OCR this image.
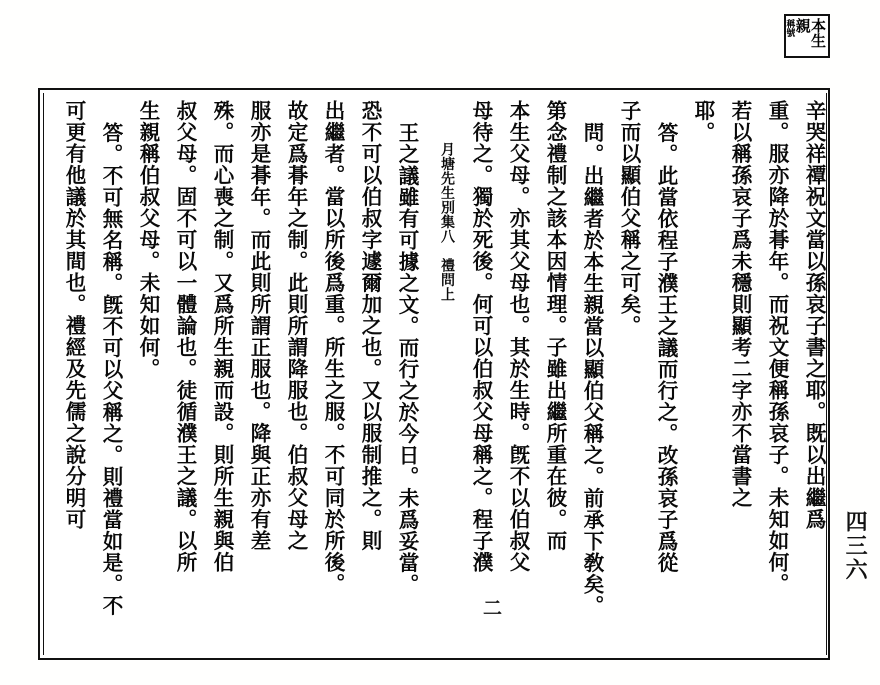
本生親
稱號
辛哭祥禫祝文當以孫哀子書之耶。既以出繼爲
重。服亦降於朞年。而祝文便稱孫哀子。未知如何。
若以稱孫哀子爲未穩則顯考二字亦不當書之
耶。
答。此當依程子濮王之議而行之。改孫哀子爲從
子而以顯伯父稱之可矣。
問。出繼者於本生親當以顯伯父稱之。前承下敎矣。
第念禮制之該本因情理。子雖出繼所重在彼。而
本生父母。亦其父母也。其於生時。旣不以伯叔父
母待之。獨於死後。何可以伯叔父母稱之。程子濮
月塘先生別集八　禮問上
王之議雖有可據之文。而行之於今日。未爲妥當。
恐不可以伯叔字遽爾加之也。又以服制推之。則
出繼者。當以所後爲重。所生之服。不可同於所後。
故定爲朞年之制。此則所謂降服也。伯叔父母之
服亦是朞年。而此則所謂正服也。降與正亦有差
殊。而心喪之制。又爲所生親而設。則所生親與伯
叔父母。固不可以一體論也。徒循濮王之議。以所
生親稱伯叔父母。未知如何。
答。不可無名稱。旣不可以父稱之。則禮當如是。不
可更有他議於其間也。禮經及先儒之說分明可
二
四三六
